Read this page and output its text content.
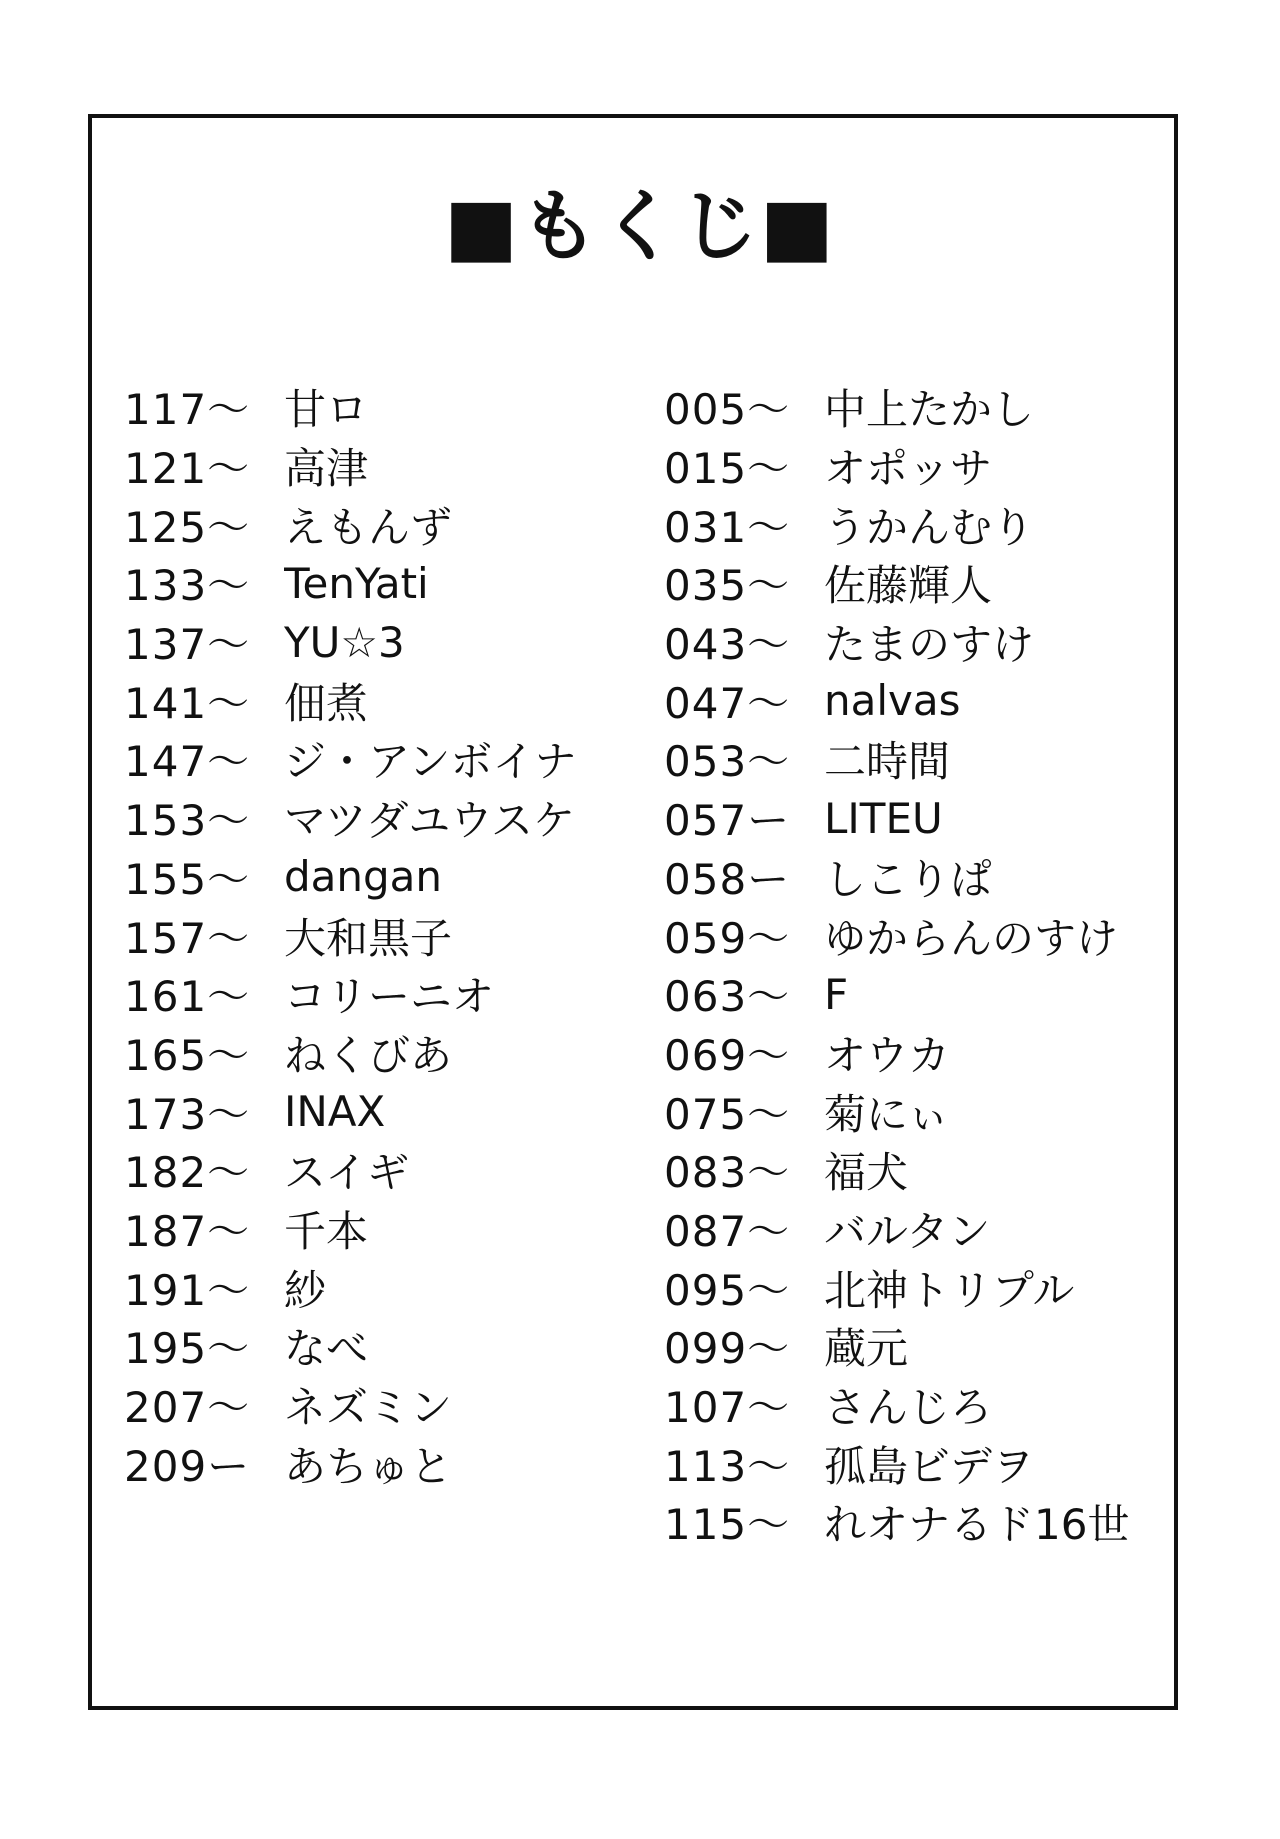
■もくじ■
117～ 甘ロ
121～ 高津
125～ えもんず
133～ TenYati
137～ YU☆3
141～ 佃煮
147～ ジ・アンボイナ
153～ マツダユウスケ
155～ dangan
157～ 大和黒子
161～ コリーニオ
165～ ねくびあ
173～ INAX
182～ スイギ
187～ 千本
191～ 紗
195～ なべ
207～ ネズミン
209ー あちゅと
005～ 中上たかし
015～ オポッサ
031～ うかんむり
035～ 佐藤輝人
043～ たまのすけ
047～ nalvas
053～ 二時間
057ー LITEU
058ー しこりぱ
059～ ゆからんのすけ
063～ F
069～ オウカ
075～ 菊にぃ
083～ 福犬
087～ バルタン
095～ 北神トリプル
099～ 蔵元
107～ さんじろ
113～ 孤島ビデヲ
115～ れオナるド16世
